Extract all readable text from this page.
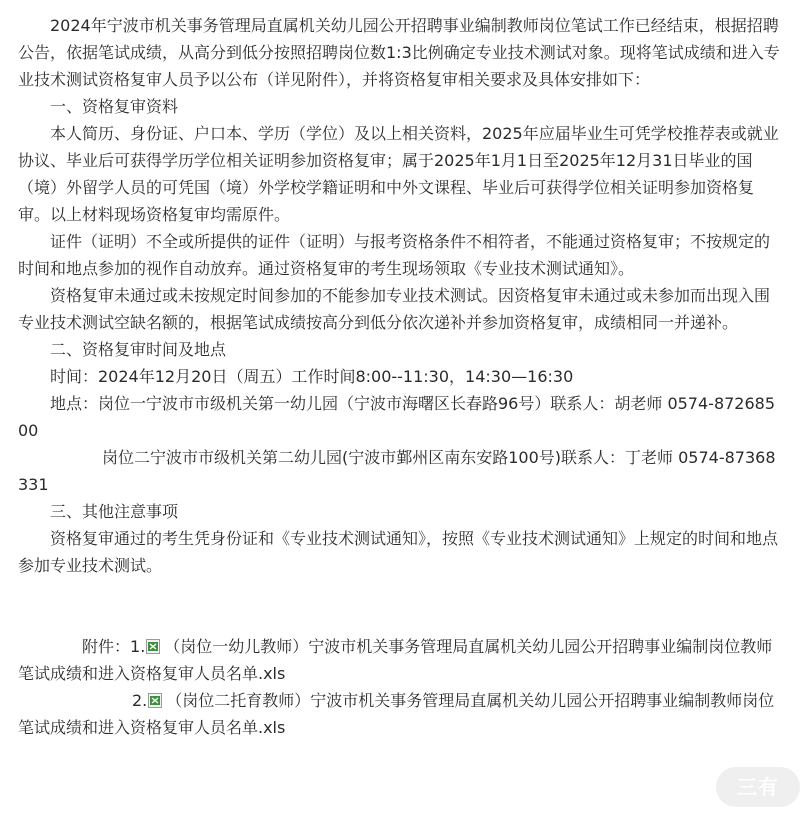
2024年宁波市机关事务管理局直属机关幼儿园公开招聘事业编制教师岗位笔试工作已经结束，根据招聘公告，依据笔试成绩，从高分到低分按照招聘岗位数1:3比例确定专业技术测试对象。现将笔试成绩和进入专业技术测试资格复审人员予以公布（详见附件），并将资格复审相关要求及具体安排如下：

一、资格复审资料

本人简历、身份证、户口本、学历（学位）及以上相关资料，2025年应届毕业生可凭学校推荐表或就业协议、毕业后可获得学历学位相关证明参加资格复审；属于2025年1月1日至2025年12月31日毕业的国（境）外留学人员的可凭国（境）外学校学籍证明和中外文课程、毕业后可获得学位相关证明参加资格复审。以上材料现场资格复审均需原件。

证件（证明）不全或所提供的证件（证明）与报考资格条件不相符者，不能通过资格复审；不按规定的时间和地点参加的视作自动放弃。通过资格复审的考生现场领取《专业技术测试通知》。

资格复审未通过或未按规定时间参加的不能参加专业技术测试。因资格复审未通过或未参加而出现入围专业技术测试空缺名额的，根据笔试成绩按高分到低分依次递补并参加资格复审，成绩相同一并递补。

二、资格复审时间及地点

时间：2024年12月20日（周五）工作时间8:00--11:30，14:30—16:30

地点：岗位一宁波市市级机关第一幼儿园（宁波市海曙区长春路96号）联系人：胡老师 0574-87268500

岗位二宁波市市级机关第二幼儿园(宁波市鄞州区南东安路100号)联系人：丁老师 0574-87368331

三、其他注意事项

资格复审通过的考生凭身份证和《专业技术测试通知》，按照《专业技术测试通知》上规定的时间和地点参加专业技术测试。

附件：1. （岗位一幼儿教师）宁波市机关事务管理局直属机关幼儿园公开招聘事业编制岗位教师笔试成绩和进入资格复审人员名单.xls

2. （岗位二托育教师）宁波市机关事务管理局直属机关幼儿园公开招聘事业编制教师岗位笔试成绩和进入资格复审人员名单.xls

三有
